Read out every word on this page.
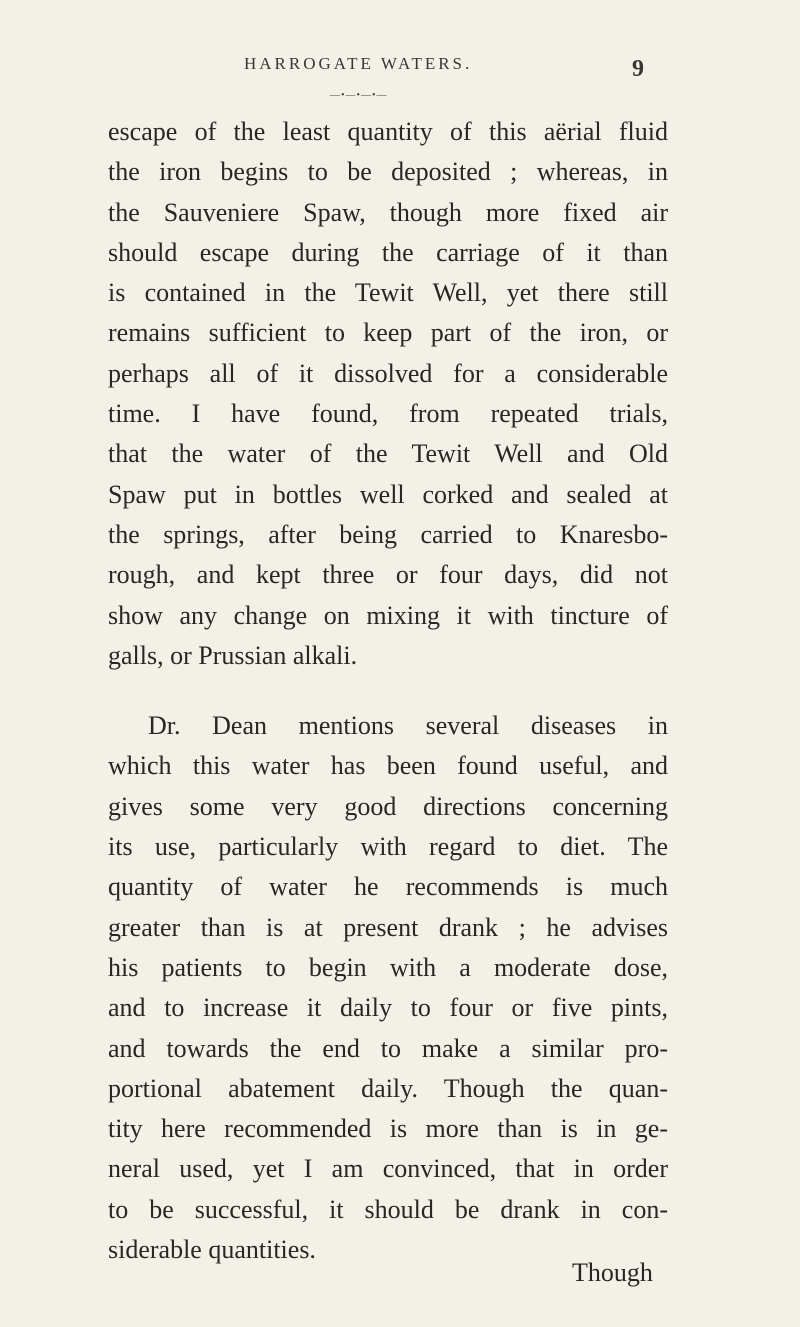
HARROGATE WATERS.	9
—•—•—•—
escape of the least quantity of this aërial fluid
the iron begins to be deposited ; whereas, in
the Sauveniere Spaw, though more fixed air
should escape during the carriage of it than
is contained in the Tewit Well, yet there still
remains sufficient to keep part of the iron, or
perhaps all of it dissolved for a considerable
time. I have found, from repeated trials,
that the water of the Tewit Well and Old
Spaw put in bottles well corked and sealed at
the springs, after being carried to Knaresbo-
rough, and kept three or four days, did not
show any change on mixing it with tincture of
galls, or Prussian alkali.
Dr. Dean mentions several diseases in
which this water has been found useful, and
gives some very good directions concerning
its use, particularly with regard to diet. The
quantity of water he recommends is much
greater than is at present drank ; he advises
his patients to begin with a moderate dose,
and to increase it daily to four or five pints,
and towards the end to make a similar pro-
portional abatement daily. Though the quan-
tity here recommended is more than is in ge-
neral used, yet I am convinced, that in order
to be successful, it should be drank in con-
siderable quantities.
Though
